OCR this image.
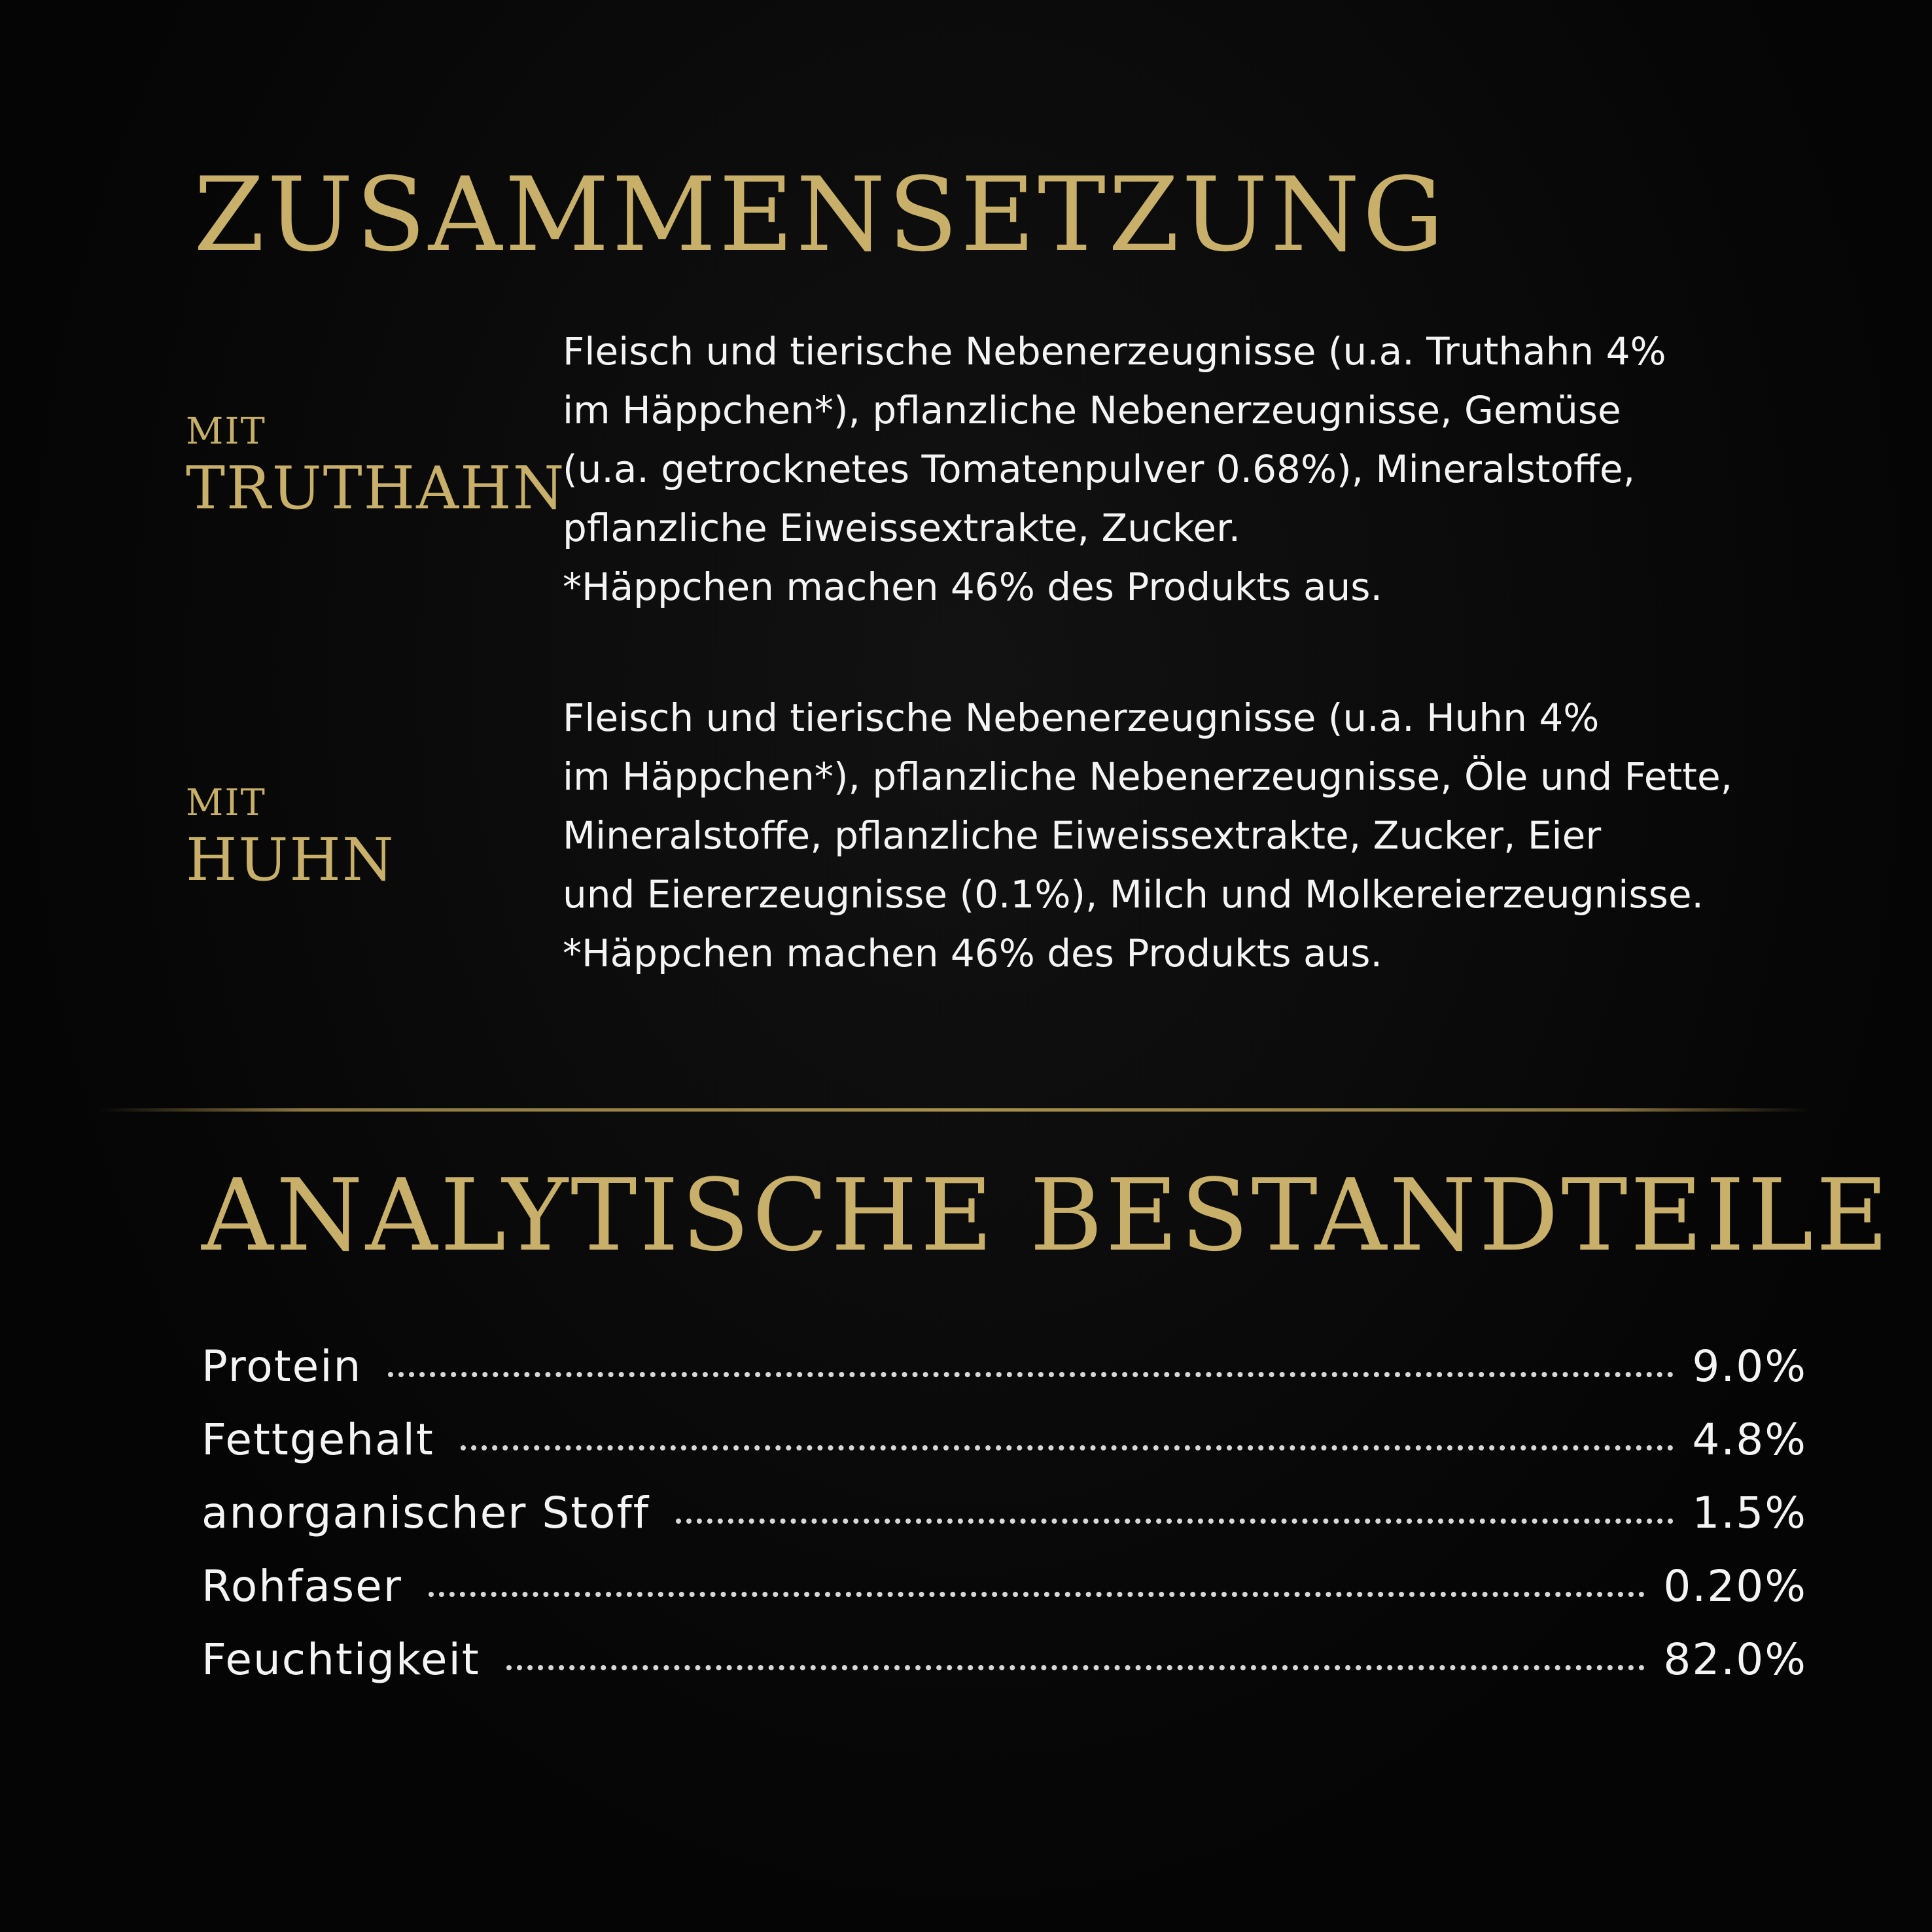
ZUSAMMENSETZUNG
MIT
TRUTHAHN
Fleisch und tierische Nebenerzeugnisse (u.a. Truthahn 4%
im Häppchen*), pflanzliche Nebenerzeugnisse, Gemüse
(u.a. getrocknetes Tomatenpulver 0.68%), Mineralstoffe,
pflanzliche Eiweissextrakte, Zucker.
*Häppchen machen 46% des Produkts aus.
MIT
HUHN
Fleisch und tierische Nebenerzeugnisse (u.a. Huhn 4%
im Häppchen*), pflanzliche Nebenerzeugnisse, Öle und Fette,
Mineralstoffe, pflanzliche Eiweissextrakte, Zucker, Eier
und Eiererzeugnisse (0.1%), Milch und Molkereierzeugnisse.
*Häppchen machen 46% des Produkts aus.
ANALYTISCHE BESTANDTEILE
Protein	9.0%
Fettgehalt	4.8%
anorganischer Stoff	1.5%
Rohfaser	0.20%
Feuchtigkeit	82.0%
